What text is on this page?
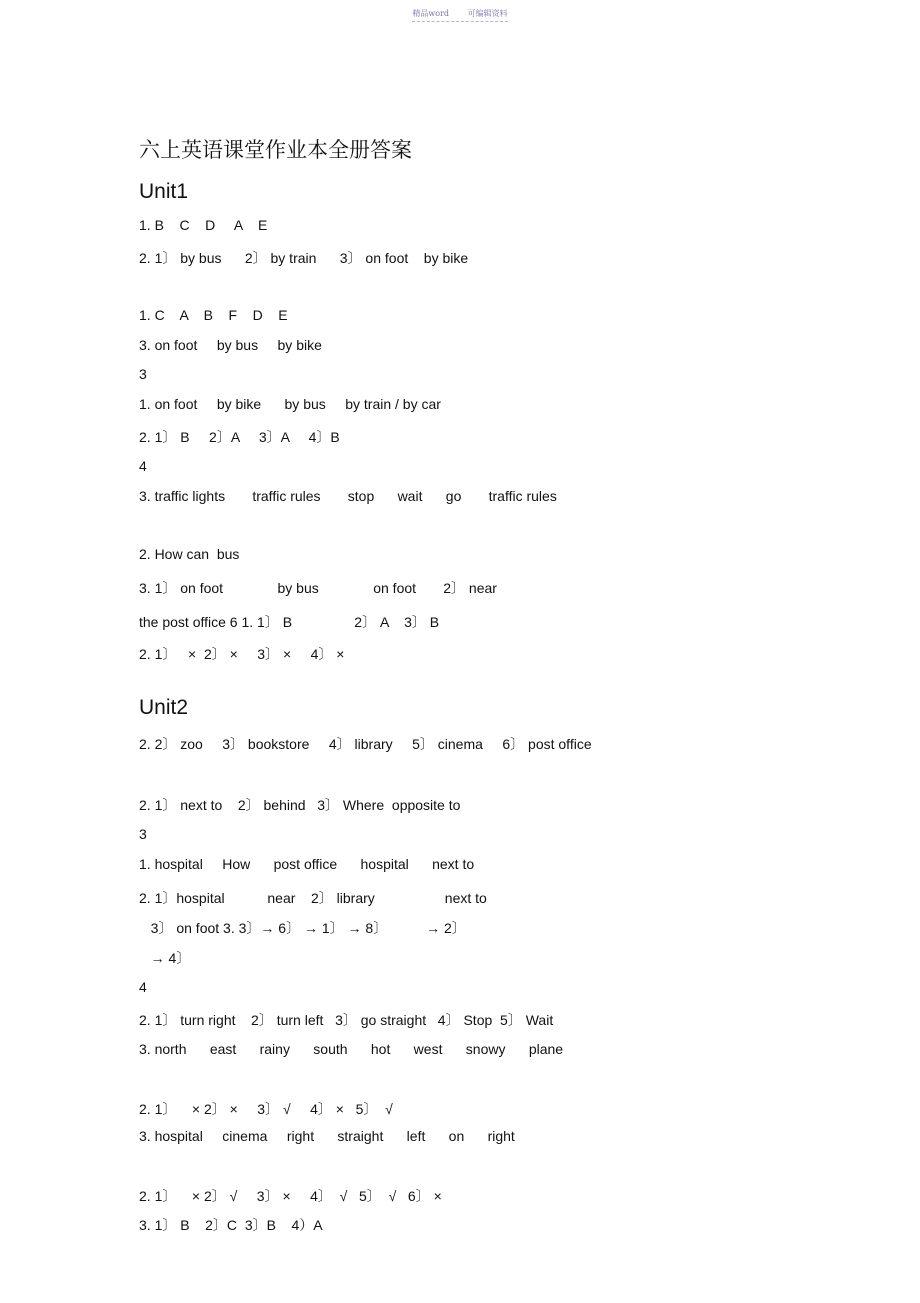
精品word 可编辑资料
六上英语课堂作业本全册答案
Unit1
1. B    C    D     A    E
2. 1〕 by bus      2〕 by train      3〕 on foot    by bike
1. C    A    B    F    D    E
3. on foot     by bus     by bike
3
1. on foot     by bike      by bus     by train / by car
2. 1〕 B     2〕A     3〕A     4〕B
4
3. traffic lights       traffic rules       stop      wait      go       traffic rules
2. How can  bus
3. 1〕 on foot              by bus              on foot       2〕 near
the post office 6 1. 1〕 B                2〕 A    3〕 B
2. 1〕   ×  2〕 ×     3〕 ×     4〕 ×
Unit2
2. 2〕 zoo     3〕 bookstore     4〕 library     5〕 cinema     6〕 post office
2. 1〕 next to    2〕 behind   3〕 Where  opposite to
3
1. hospital     How      post office      hospital      next to
2. 1〕hospital           near    2〕 library                  next to
3〕 on foot 3. 3〕→ 6〕 → 1〕 → 8〕          → 2〕
→ 4〕
4
2. 1〕 turn right    2〕 turn left   3〕 go straight   4〕 Stop  5〕 Wait
3. north      east      rainy      south      hot      west      snowy      plane
2. 1〕    × 2〕 ×     3〕 √     4〕 ×   5〕  √
3. hospital     cinema     right      straight      left      on      right
2. 1〕    × 2〕 √     3〕 ×     4〕  √   5〕  √   6〕 ×
3. 1〕 B    2〕C  3〕B    4）A
